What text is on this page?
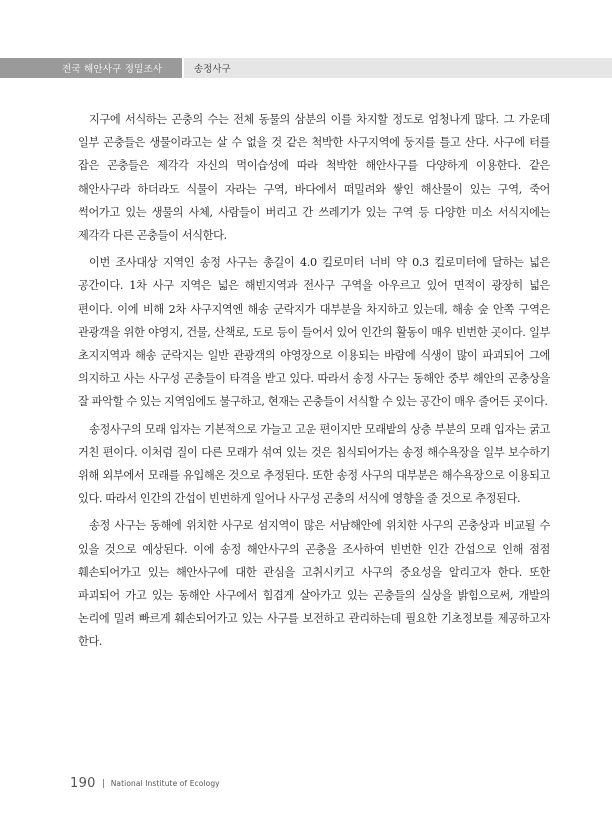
전국 해안사구 정밀조사	송정사구

지구에 서식하는 곤충의 수는 전체 동물의 삼분의 이를 차지할 정도로 엄청나게 많다. 그 가운데 일부 곤충들은 생물이라고는 살 수 없을 것 같은 척박한 사구지역에 둥지를 틀고 산다. 사구에 터를 잡은 곤충들은 제각각 자신의 먹이습성에 따라 척박한 해안사구를 다양하게 이용한다. 같은 해안사구라 하더라도 식물이 자라는 구역, 바다에서 떠밀려와 쌓인 해산물이 있는 구역, 죽어 썩어가고 있는 생물의 사체, 사람들이 버리고 간 쓰레기가 있는 구역 등 다양한 미소 서식지에는 제각각 다른 곤충들이 서식한다.

이번 조사대상 지역인 송정 사구는 총길이 4.0 킬로미터 너비 약 0.3 킬로미터에 달하는 넓은 공간이다. 1차 사구 지역은 넓은 해빈지역과 전사구 구역을 아우르고 있어 면적이 광장히 넓은 편이다. 이에 비해 2차 사구지역엔 해송 군락지가 대부분을 차지하고 있는데, 해송 숲 안쪽 구역은 관광객을 위한 야영지, 건물, 산책로, 도로 등이 들어서 있어 인간의 활동이 매우 빈번한 곳이다. 일부 초지지역과 해송 군락지는 일반 관광객의 야영장으로 이용되는 바람에 식생이 많이 파괴되어 그에 의지하고 사는 사구성 곤충들이 타격을 받고 있다. 따라서 송정 사구는 동해안 중부 해안의 곤충상을 잘 파악할 수 있는 지역임에도 불구하고, 현재는 곤충들이 서식할 수 있는 공간이 매우 줄어든 곳이다.

송정사구의 모래 입자는 기본적으로 가늘고 고운 편이지만 모래밭의 상층 부분의 모래 입자는 굵고 거친 편이다. 이처럼 질이 다른 모래가 섞여 있는 것은 침식되어가는 송정 해수욕장을 일부 보수하기 위해 외부에서 모래를 유입해온 것으로 추정된다. 또한 송정 사구의 대부분은 해수욕장으로 이용되고 있다. 따라서 인간의 간섭이 빈번하게 일어나 사구성 곤충의 서식에 영향을 줄 것으로 추정된다.

송정 사구는 동해에 위치한 사구로 섬지역이 많은 서남해안에 위치한 사구의 곤충상과 비교될 수 있을 것으로 예상된다. 이에 송정 해안사구의 곤충을 조사하여 빈번한 인간 간섭으로 인해 점점 훼손되어가고 있는 해안사구에 대한 관심을 고취시키고 사구의 중요성을 알리고자 한다. 또한 파괴되어 가고 있는 동해안 사구에서 힘겹게 살아가고 있는 곤충들의 실상을 밝힘으로써, 개발의 논리에 밀려 빠르게 훼손되어가고 있는 사구를 보전하고 관리하는데 필요한 기초정보를 제공하고자 한다.

190 National Institute of Ecology
